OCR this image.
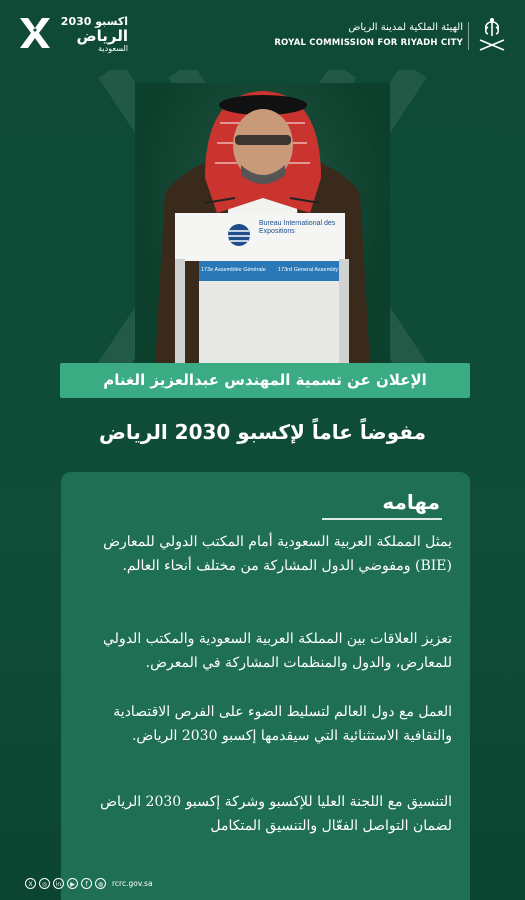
اكسبو 2030
الرياض
السعودية
الهيئة الملكية لمدينة الرياض
ROYAL COMMISSION FOR RIYADH CITY
Bureau International des Expositions
173e Assemblée Générale	173rd General Assembly
الإعلان عن تسمية المهندس عبدالعزيز الغنام
مفوضاً عاماً لإكسبو 2030 الرياض
مهامه
يمثل المملكة العربية السعودية أمام المكتب الدولي للمعارض (BIE) ومفوضي الدول المشاركة من مختلف أنحاء العالم.
تعزيز العلاقات بين المملكة العربية السعودية والمكتب الدولي للمعارض، والدول والمنظمات المشاركة في المعرض.
العمل مع دول العالم لتسليط الضوء على الفرص الاقتصادية والثقافية الاستثنائية التي سيقدمها إكسبو 2030 الرياض.
التنسيق مع اللجنة العليا للإكسبو وشركة إكسبو 2030 الرياض لضمان التواصل الفعّال والتنسيق المتكامل
X	◎	in	▶	f	◍	rcrc.gov.sa
